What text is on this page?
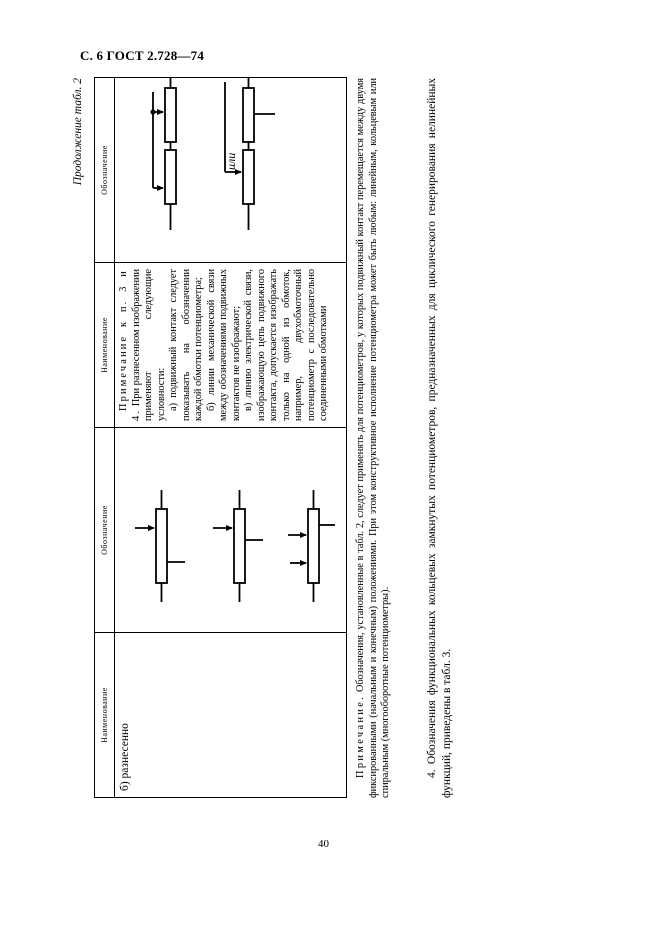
С. 6 ГОСТ 2.728—74
Продолжение табл. 2
Наименование	Обозначение	Наименование	Обозначение

б) разнесенно		Примечание к п. 3 и 4. При разнесенном изображении применяют следующие условности: а) подвижный контакт следует показывать на обозначении каждой обмотки потенциометра; б) линии механической связи между обозначениями подвижных контактов не изображают; в) линию электрической связи, изображающую цепь подвижного контакта, допускается изображать только на одной из обмоток, например, двухобмоточный потенциометр с последовательно соединенными обмотками	или

Примечание. Обозначения, установленные в табл. 2, следует применять для потенциометров, у которых подвижный контакт перемещается между двумя фиксированными (начальным и конечным) положениями. При этом конструктивное исполнение потенциометра может быть любым: линейным, кольцевым или спиральным (многооборотные потенциометры).	4. Обозначения функциональных кольцевых замкнутых потенциометров, предназначенных для циклического генерирования нелинейных функций, приведены в табл. 3.

40
